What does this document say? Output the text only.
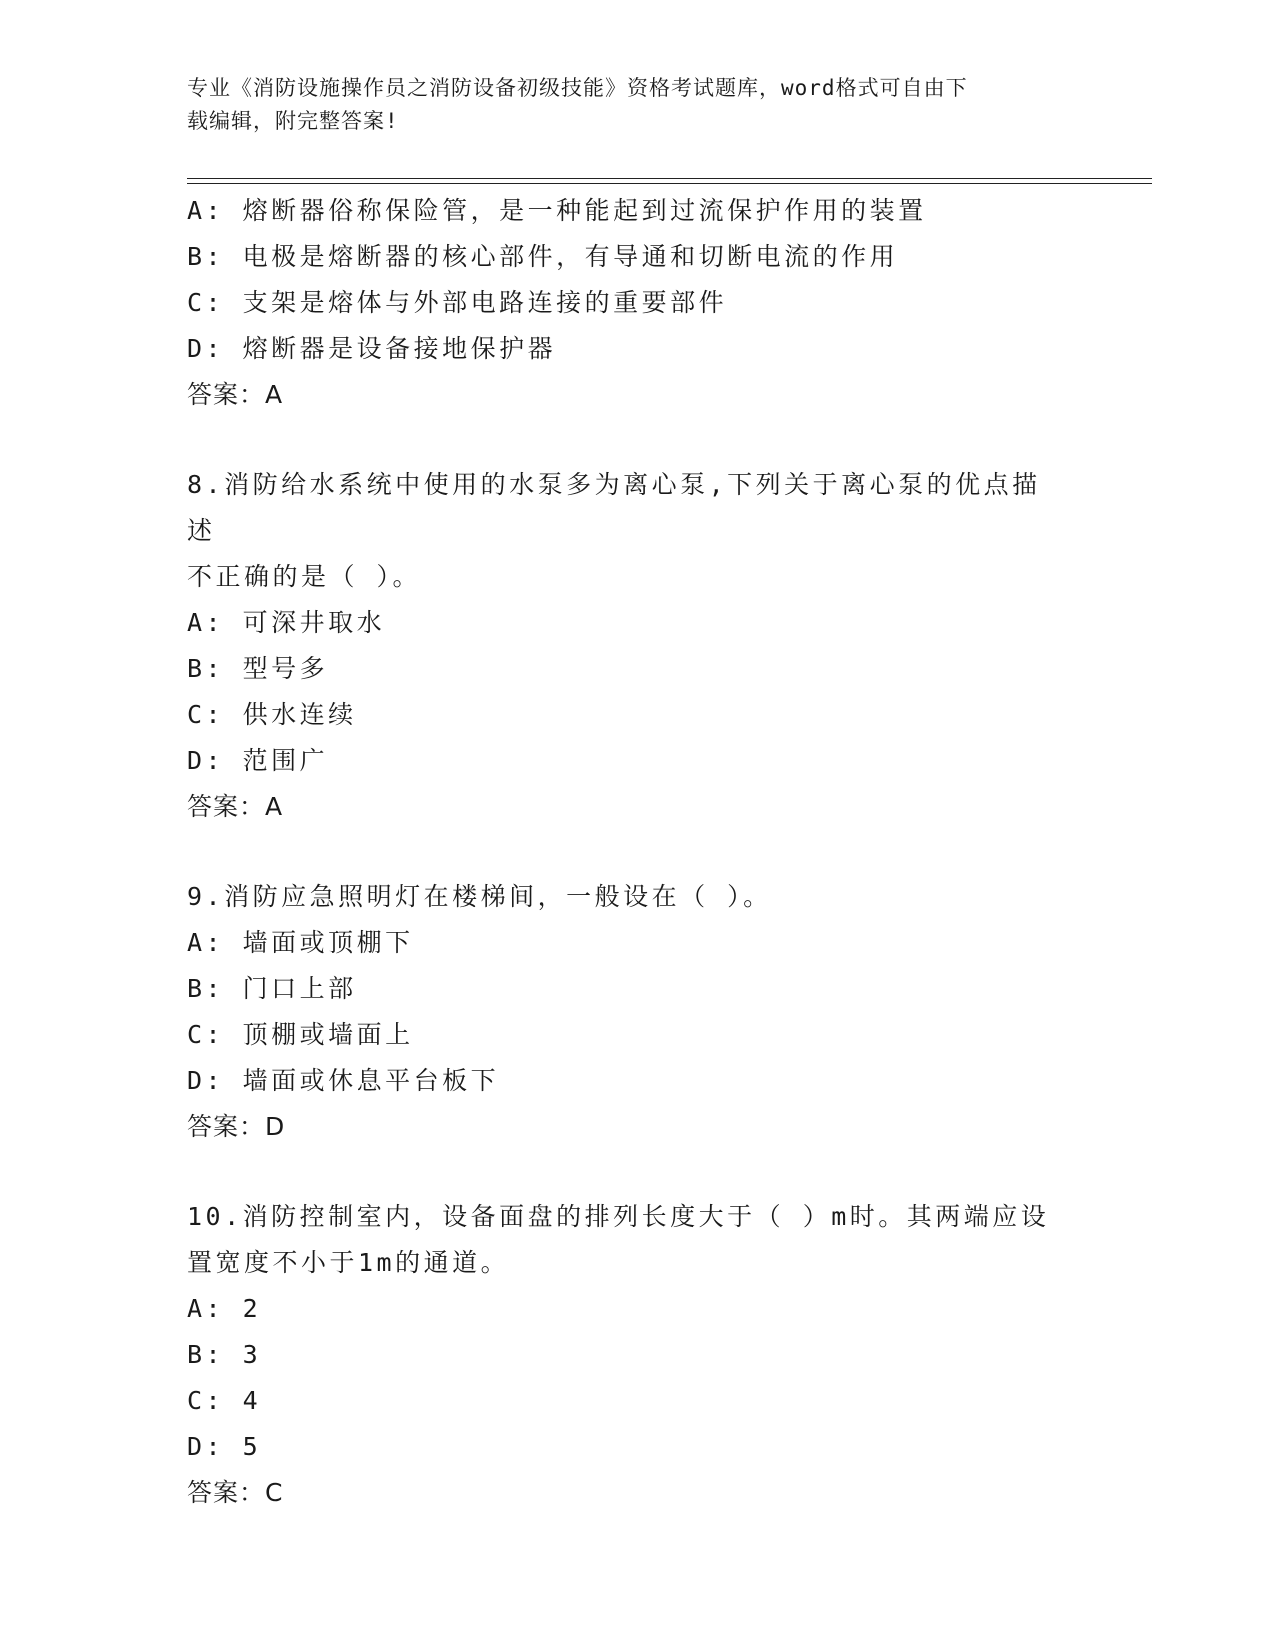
专业《消防设施操作员之消防设备初级技能》资格考试题库，word格式可自由下
载编辑，附完整答案!
A: 熔断器俗称保险管，是一种能起到过流保护作用的装置
B: 电极是熔断器的核心部件，有导通和切断电流的作用
C: 支架是熔体与外部电路连接的重要部件
D: 熔断器是设备接地保护器
答案：A
8.消防给水系统中使用的水泵多为离心泵,下列关于离心泵的优点描述
不正确的是（ ）。
A: 可深井取水
B: 型号多
C: 供水连续
D: 范围广
答案：A
9.消防应急照明灯在楼梯间，一般设在（ ）。
A: 墙面或顶棚下
B: 门口上部
C: 顶棚或墙面上
D: 墙面或休息平台板下
答案：D
10.消防控制室内，设备面盘的排列长度大于（ ）m时。其两端应设
置宽度不小于1m的通道。
A: 2
B: 3
C: 4
D: 5
答案：C
